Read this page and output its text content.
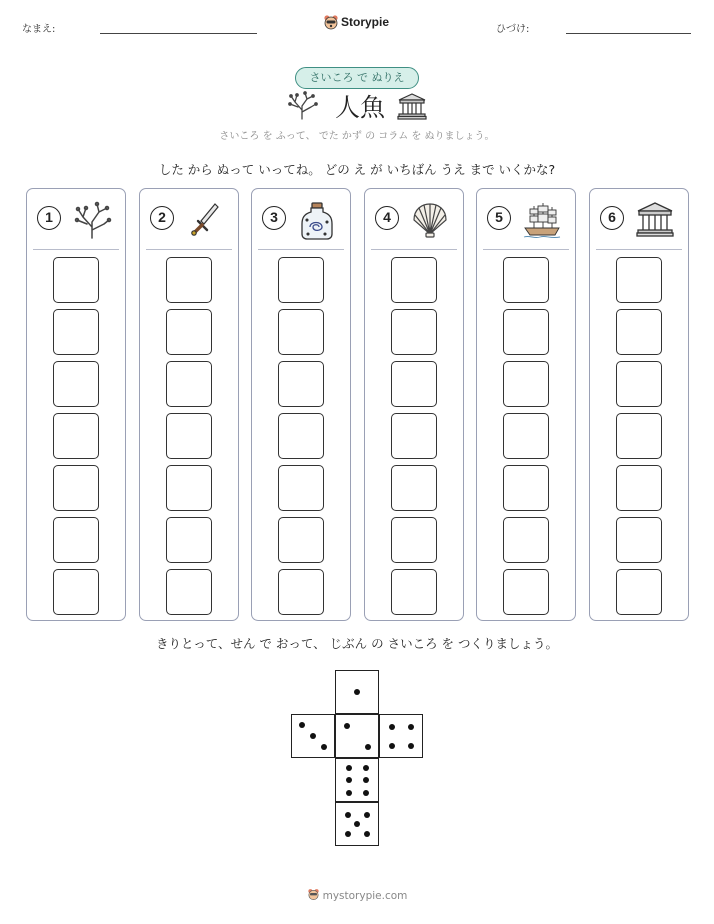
なまえ:
Storypie
ひづけ:
さいころ で ぬりえ
人魚
さいころ を ふって、 でた かず の コラム を ぬりましょう。
した から ぬって いってね。 どの え が いちばん うえ まで いくかな?
1	2	3	4	5	6
きりとって、せん で おって、 じぶん の さいころ を つくりましょう。
mystorypie.com
